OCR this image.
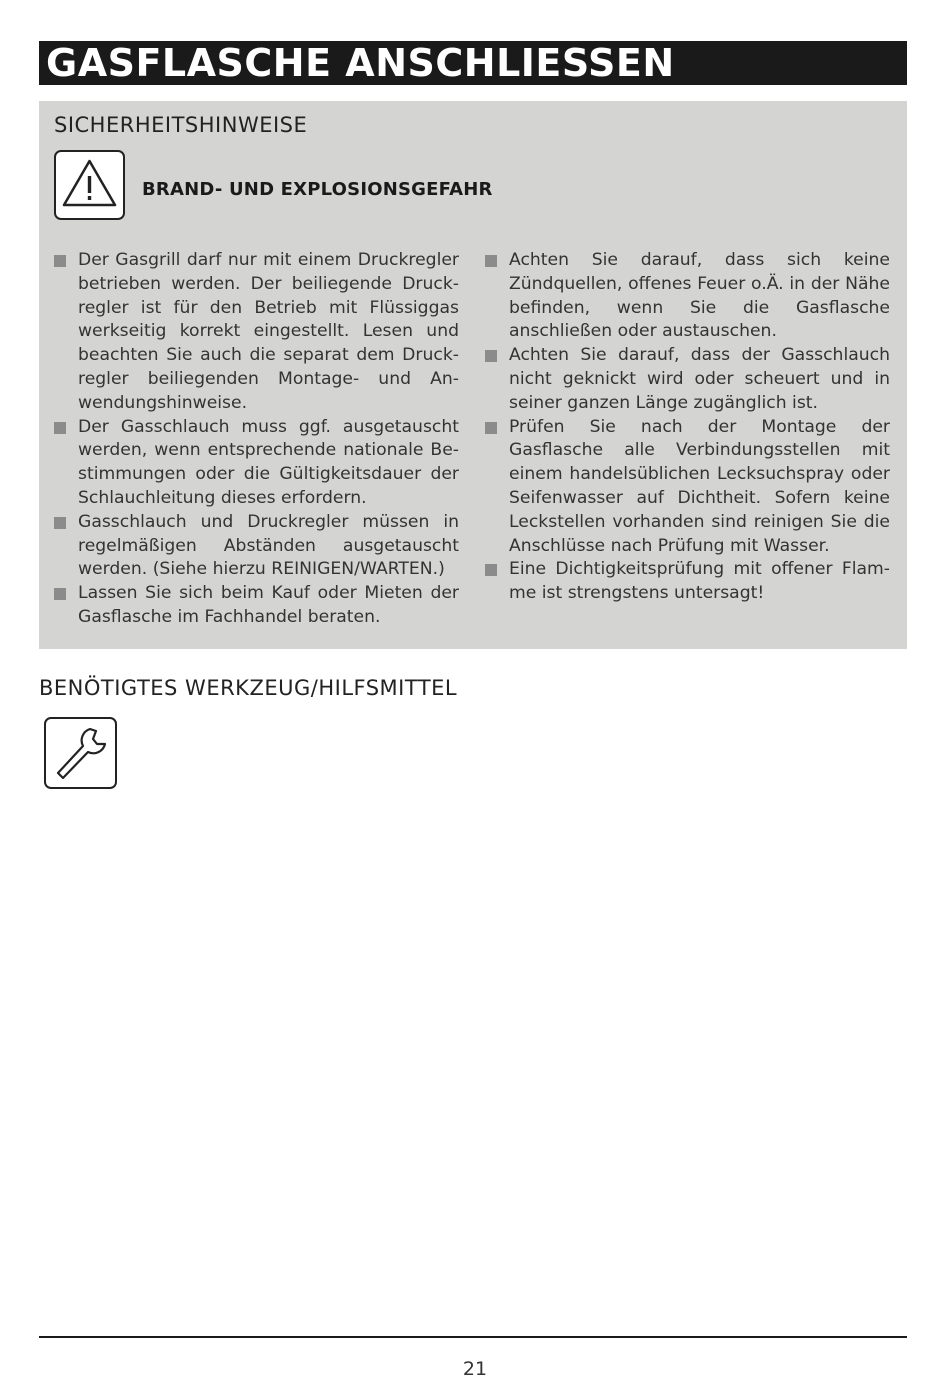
GASFLASCHE ANSCHLIESSEN
SICHERHEITSHINWEISE
BRAND- UND EXPLOSIONSGEFAHR
Der Gasgrill darf nur mit einem Druckregler betrieben werden. Der beiliegende Druckregler ist für den Betrieb mit Flüssiggas werkseitig korrekt eingestellt. Lesen und beachten Sie auch die separat dem Druckregler beiliegenden Montage- und Anwendungshinweise.
Der Gasschlauch muss ggf. ausgetauscht werden, wenn entsprechende nationale Bestimmungen oder die Gültigkeitsdauer der Schlauchleitung dieses erfordern.
Gasschlauch und Druckregler müssen in regelmäßigen Abständen ausgetauscht werden. (Siehe hierzu REINIGEN/WARTEN.)
Lassen Sie sich beim Kauf oder Mieten der Gasflasche im Fachhandel beraten.
Achten Sie darauf, dass sich keine Zündquellen, offenes Feuer o.Ä. in der Nähe befinden, wenn Sie die Gasflasche anschließen oder austauschen.
Achten Sie darauf, dass der Gasschlauch nicht geknickt wird oder scheuert und in seiner ganzen Länge zugänglich ist.
Prüfen Sie nach der Montage der Gasflasche alle Verbindungsstellen mit einem handelsüblichen Lecksuchspray oder Seifenwasser auf Dichtheit. Sofern keine Leckstellen vorhanden sind reinigen Sie die Anschlüsse nach Prüfung mit Wasser.
Eine Dichtigkeitsprüfung mit offener Flamme ist strengstens untersagt!
BENÖTIGTES WERKZEUG/HILFSMITTEL
21
